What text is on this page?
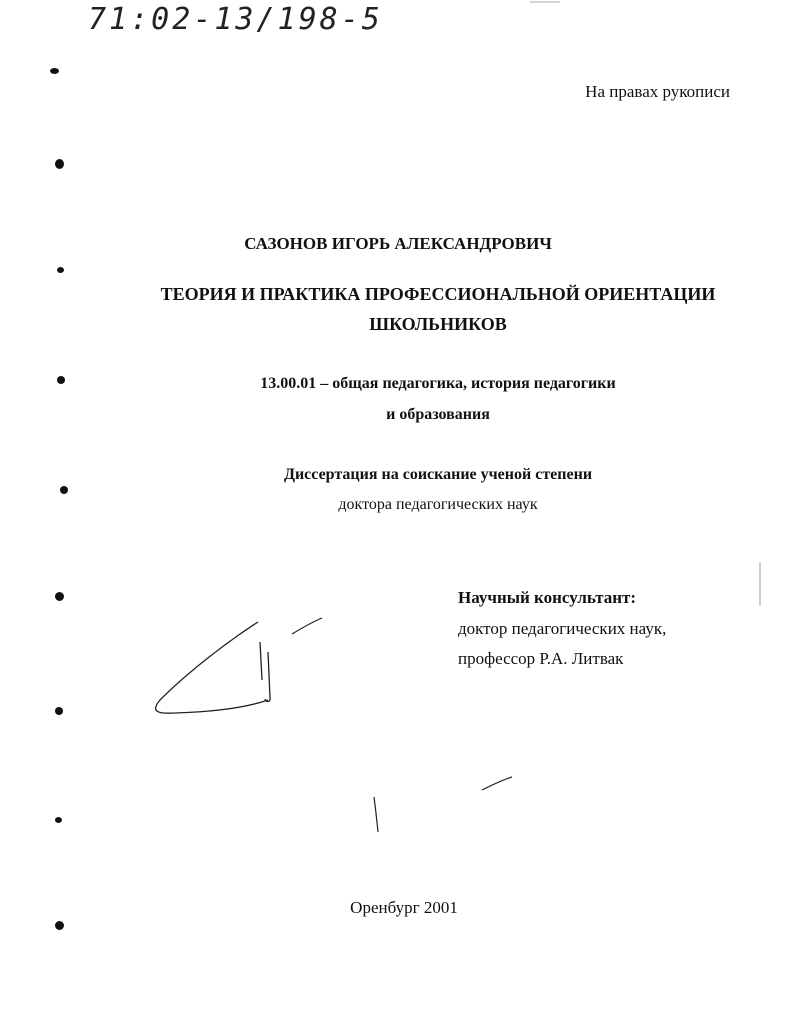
71:02-13/198-5
На правах рукописи
САЗОНОВ ИГОРЬ АЛЕКСАНДРОВИЧ
ТЕОРИЯ И ПРАКТИКА ПРОФЕССИОНАЛЬНОЙ ОРИЕНТАЦИИ
ШКОЛЬНИКОВ
13.00.01 – общая педагогика, история педагогики
и образования
Диссертация на соискание ученой степени
доктора педагогических наук
Научный консультант:
доктор педагогических наук,
профессор Р.А. Литвак
Оренбург 2001
